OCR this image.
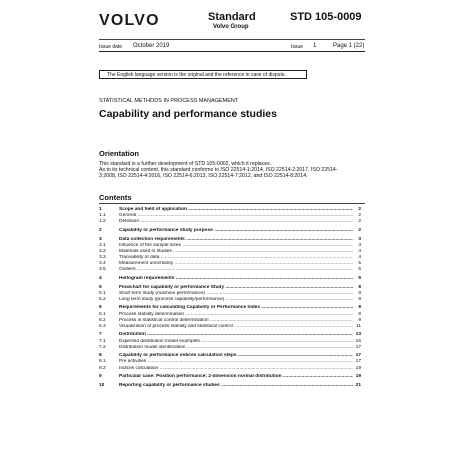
VOLVO	Standard
Volvo Group
STD 105-0009
Issue date October 2019	Issue 1	Page 1 (22)
The English language version is the original and the reference in case of dispute.
STATISTICAL METHODS IN PROCESS MANAGEMENT
Capability and performance studies
Orientation
This standard is a further development of STD 105-0002, which it replaces.
As to its technical content, this standard conforms to ISO 22514-1:2014, ISO 22514-2:2017, ISO 22514-
3:2008, ISO 22514-4:2016, ISO 22514-6:2013, ISO 22514-7:2012, and ISO 22514-8:2014.
Contents
1	Scope and field of application .....	2
1.1	General .....	2
1.2	Definition .....	2
2	Capability or performance study purpose .....	2
3	Data collection requirements .....	3
3.1	Influence of the sample sizes .....	3
3.2	Materials used in studies .....	4
3.3	Traceability of data .....	4
3.4	Measurement uncertainty .....	5
3.5	Outliers .....	5
4	Histogram requirements .....	5
5	Flowchart for capability or performance Study .....	8
5.1	Short term study (machine performance) .....	8
5.2	Long term study (process capability/performance) .....	9
6	Requirements for calculating Capability or Performance Index .....	9
6.1	Process stability determination .....	9
6.2	Process in statistical control determination .....	9
6.3	Visualization of process stability and statistical control .....	11
7	Distribution .....	13
7.1	Expected distribution model examples .....	16
7.2	Distribution model identification .....	17
8	Capability or performance indices calculation steps .....	17
8.1	Pre activities .....	17
8.2	Indices calculation .....	19
9	Particular case: Position performance; 2-dimension normal distribution .....	19
10	Reporting capability or performance studies .....	21
